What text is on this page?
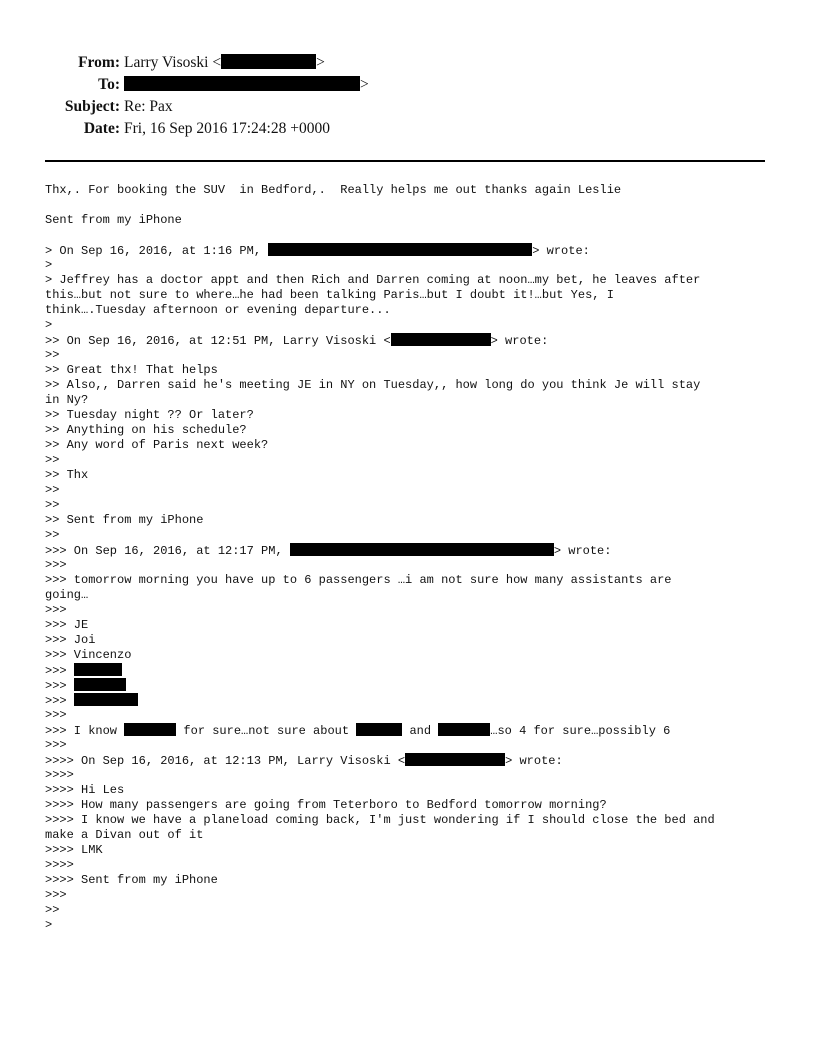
From: Larry Visoski <	>
To:	>
Subject: Re: Pax
Date: Fri, 16 Sep 2016 17:24:28 +0000
Thx,. For booking the SUV  in Bedford,.  Really helps me out thanks again Leslie
Sent from my iPhone
> On Sep 16, 2016, at 1:16 PM,	> wrote:
>
> Jeffrey has a doctor appt and then Rich and Darren coming at noon…my bet, he leaves after
this…but not sure to where…he had been talking Paris…but I doubt it!…but Yes, I
think….Tuesday afternoon or evening departure...
>
>> On Sep 16, 2016, at 12:51 PM, Larry Visoski <	> wrote:
>>
>> Great thx! That helps
>> Also,, Darren said he's meeting JE in NY on Tuesday,, how long do you think Je will stay
in Ny?
>> Tuesday night ?? Or later?
>> Anything on his schedule?
>> Any word of Paris next week?
>>
>> Thx
>>
>>
>> Sent from my iPhone
>>
>>> On Sep 16, 2016, at 12:17 PM,	> wrote:
>>>
>>> tomorrow morning you have up to 6 passengers …i am not sure how many assistants are
going…
>>>
>>> JE
>>> Joi
>>> Vincenzo
>>>
>>>
>>>
>>>
>>> I know	for sure…not sure about	and	…so 4 for sure…possibly 6
>>>
>>>> On Sep 16, 2016, at 12:13 PM, Larry Visoski <	> wrote:
>>>>
>>>> Hi Les
>>>> How many passengers are going from Teterboro to Bedford tomorrow morning?
>>>> I know we have a planeload coming back, I'm just wondering if I should close the bed and
make a Divan out of it
>>>> LMK
>>>>
>>>> Sent from my iPhone
>>>
>>
>
